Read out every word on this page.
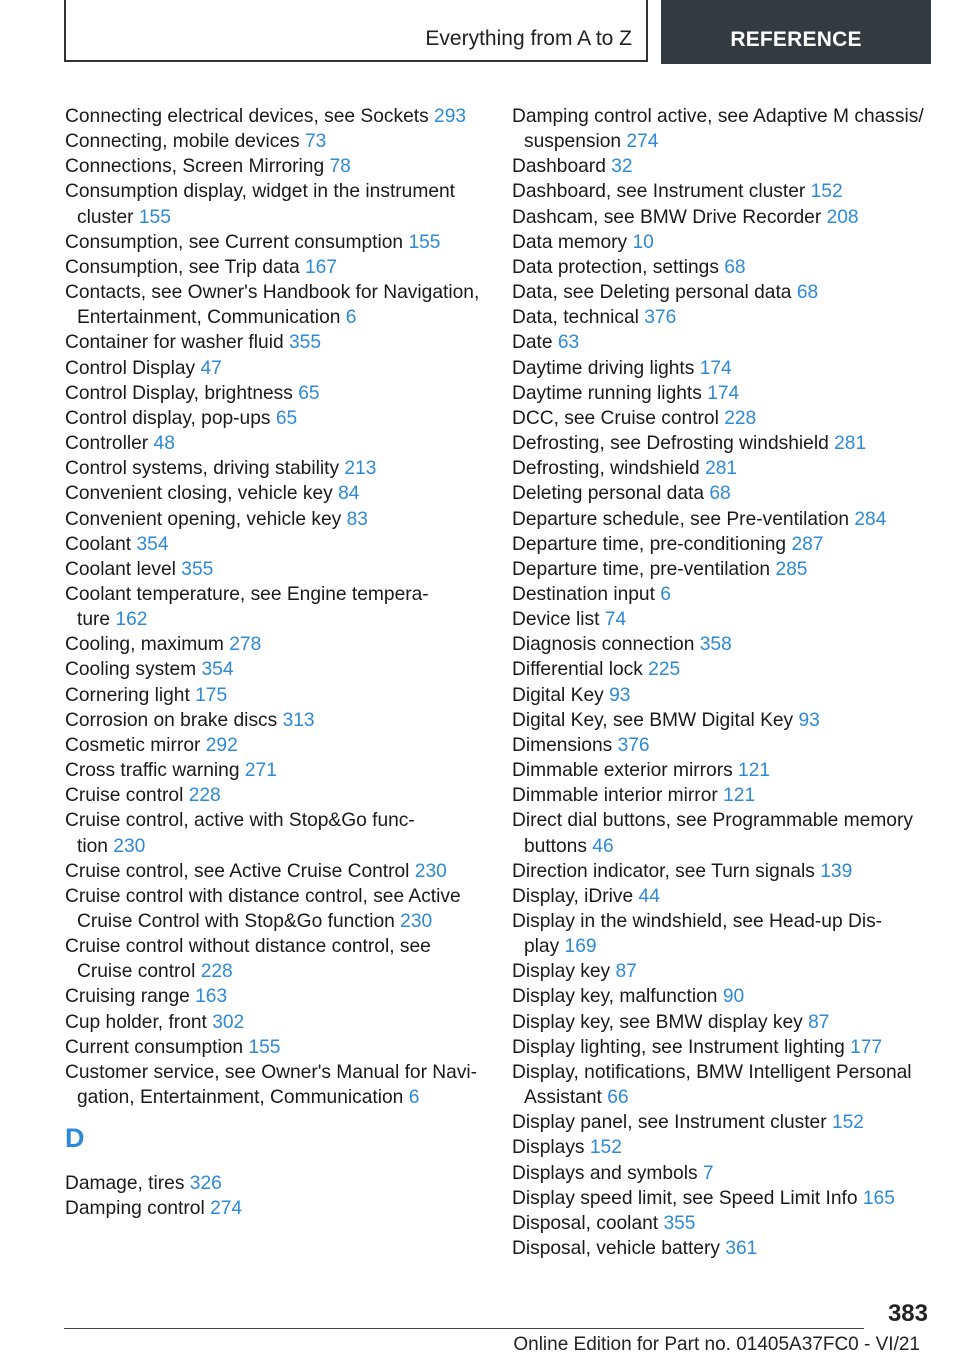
Everything from A to Z	REFERENCE
Connecting electrical devices, see Sockets 293
Connecting, mobile devices 73
Connections, Screen Mirroring 78
Consumption display, widget in the instrument
cluster 155
Consumption, see Current consumption 155
Consumption, see Trip data 167
Contacts, see Owner's Handbook for Navigation,
Entertainment, Communication 6
Container for washer fluid 355
Control Display 47
Control Display, brightness 65
Control display, pop-ups 65
Controller 48
Control systems, driving stability 213
Convenient closing, vehicle key 84
Convenient opening, vehicle key 83
Coolant 354
Coolant level 355
Coolant temperature, see Engine tempera-
ture 162
Cooling, maximum 278
Cooling system 354
Cornering light 175
Corrosion on brake discs 313
Cosmetic mirror 292
Cross traffic warning 271
Cruise control 228
Cruise control, active with Stop&Go func-
tion 230
Cruise control, see Active Cruise Control 230
Cruise control with distance control, see Active
Cruise Control with Stop&Go function 230
Cruise control without distance control, see
Cruise control 228
Cruising range 163
Cup holder, front 302
Current consumption 155
Customer service, see Owner's Manual for Navi-
gation, Entertainment, Communication 6
D
Damage, tires 326
Damping control 274
Damping control active, see Adaptive M chassis/
suspension 274
Dashboard 32
Dashboard, see Instrument cluster 152
Dashcam, see BMW Drive Recorder 208
Data memory 10
Data protection, settings 68
Data, see Deleting personal data 68
Data, technical 376
Date 63
Daytime driving lights 174
Daytime running lights 174
DCC, see Cruise control 228
Defrosting, see Defrosting windshield 281
Defrosting, windshield 281
Deleting personal data 68
Departure schedule, see Pre-ventilation 284
Departure time, pre-conditioning 287
Departure time, pre-ventilation 285
Destination input 6
Device list 74
Diagnosis connection 358
Differential lock 225
Digital Key 93
Digital Key, see BMW Digital Key 93
Dimensions 376
Dimmable exterior mirrors 121
Dimmable interior mirror 121
Direct dial buttons, see Programmable memory
buttons 46
Direction indicator, see Turn signals 139
Display, iDrive 44
Display in the windshield, see Head-up Dis-
play 169
Display key 87
Display key, malfunction 90
Display key, see BMW display key 87
Display lighting, see Instrument lighting 177
Display, notifications, BMW Intelligent Personal
Assistant 66
Display panel, see Instrument cluster 152
Displays 152
Displays and symbols 7
Display speed limit, see Speed Limit Info 165
Disposal, coolant 355
Disposal, vehicle battery 361
383
Online Edition for Part no. 01405A37FC0 - VI/21
